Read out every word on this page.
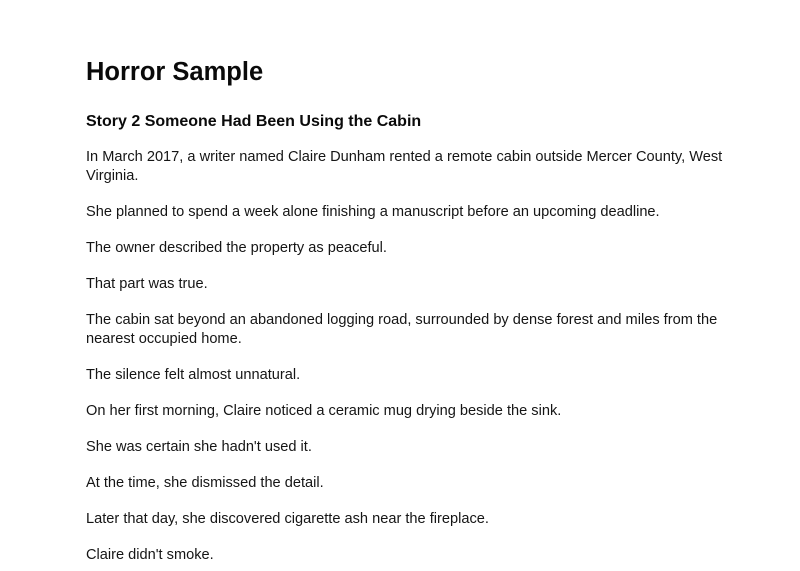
Horror Sample
Story 2 Someone Had Been Using the Cabin

In March 2017, a writer named Claire Dunham rented a remote cabin outside Mercer County, West Virginia.

She planned to spend a week alone finishing a manuscript before an upcoming deadline.

The owner described the property as peaceful.

That part was true.

The cabin sat beyond an abandoned logging road, surrounded by dense forest and miles from the nearest occupied home.

The silence felt almost unnatural.

On her first morning, Claire noticed a ceramic mug drying beside the sink.

She was certain she hadn't used it.

At the time, she dismissed the detail.

Later that day, she discovered cigarette ash near the fireplace.

Claire didn't smoke.
